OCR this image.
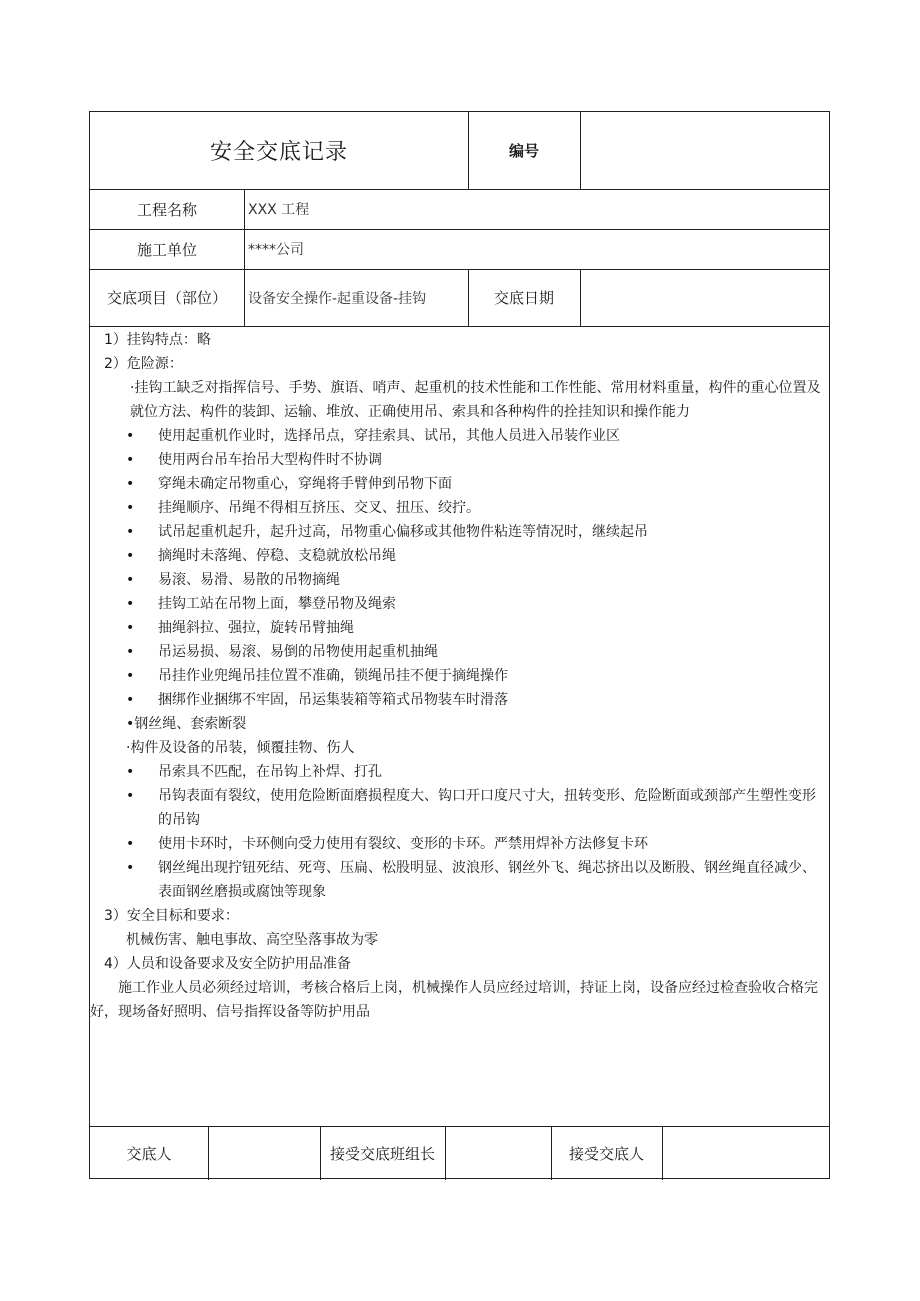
安全交底记录	编号
工程名称	XXX 工程
施工单位	****公司
交底项目（部位）	设备安全操作-起重设备-挂钩	交底日期
1）挂钩特点：略
2）危险源：
·挂钩工缺乏对指挥信号、手势、旗语、哨声、起重机的技术性能和工作性能、常用材料重量，构件的重心位置及就位方法、构件的装卸、运输、堆放、正确使用吊、索具和各种构件的拴挂知识和操作能力
• 使用起重机作业时，选择吊点，穿挂索具、试吊，其他人员进入吊装作业区
• 使用两台吊车抬吊大型构件时不协调
• 穿绳未确定吊物重心，穿绳将手臂伸到吊物下面
• 挂绳顺序、吊绳不得相互挤压、交叉、扭压、绞拧。
• 试吊起重机起升，起升过高，吊物重心偏移或其他物件粘连等情况时，继续起吊
• 摘绳时未落绳、停稳、支稳就放松吊绳
• 易滚、易滑、易散的吊物摘绳
• 挂钩工站在吊物上面，攀登吊物及绳索
• 抽绳斜拉、强拉，旋转吊臂抽绳
• 吊运易损、易滚、易倒的吊物使用起重机抽绳
• 吊挂作业兜绳吊挂位置不准确，锁绳吊挂不便于摘绳操作
• 捆绑作业捆绑不牢固，吊运集装箱等箱式吊物装车时滑落
•钢丝绳、套索断裂
·构件及设备的吊装，倾覆挂物、伤人
• 吊索具不匹配，在吊钩上补焊、打孔
• 吊钩表面有裂纹，使用危险断面磨损程度大、钩口开口度尺寸大，扭转变形、危险断面或颈部产生塑性变形的吊钩
• 使用卡环时，卡环侧向受力使用有裂纹、变形的卡环。严禁用焊补方法修复卡环
• 钢丝绳出现拧钮死结、死弯、压扁、松股明显、波浪形、钢丝外飞、绳芯挤出以及断股、钢丝绳直径减少、表面钢丝磨损或腐蚀等现象
3）安全目标和要求：
机械伤害、触电事故、高空坠落事故为零
4）人员和设备要求及安全防护用品准备
施工作业人员必须经过培训，考核合格后上岗，机械操作人员应经过培训，持证上岗，设备应经过检查验收合格完好，现场备好照明、信号指挥设备等防护用品
交底人	接受交底班组长	接受交底人
